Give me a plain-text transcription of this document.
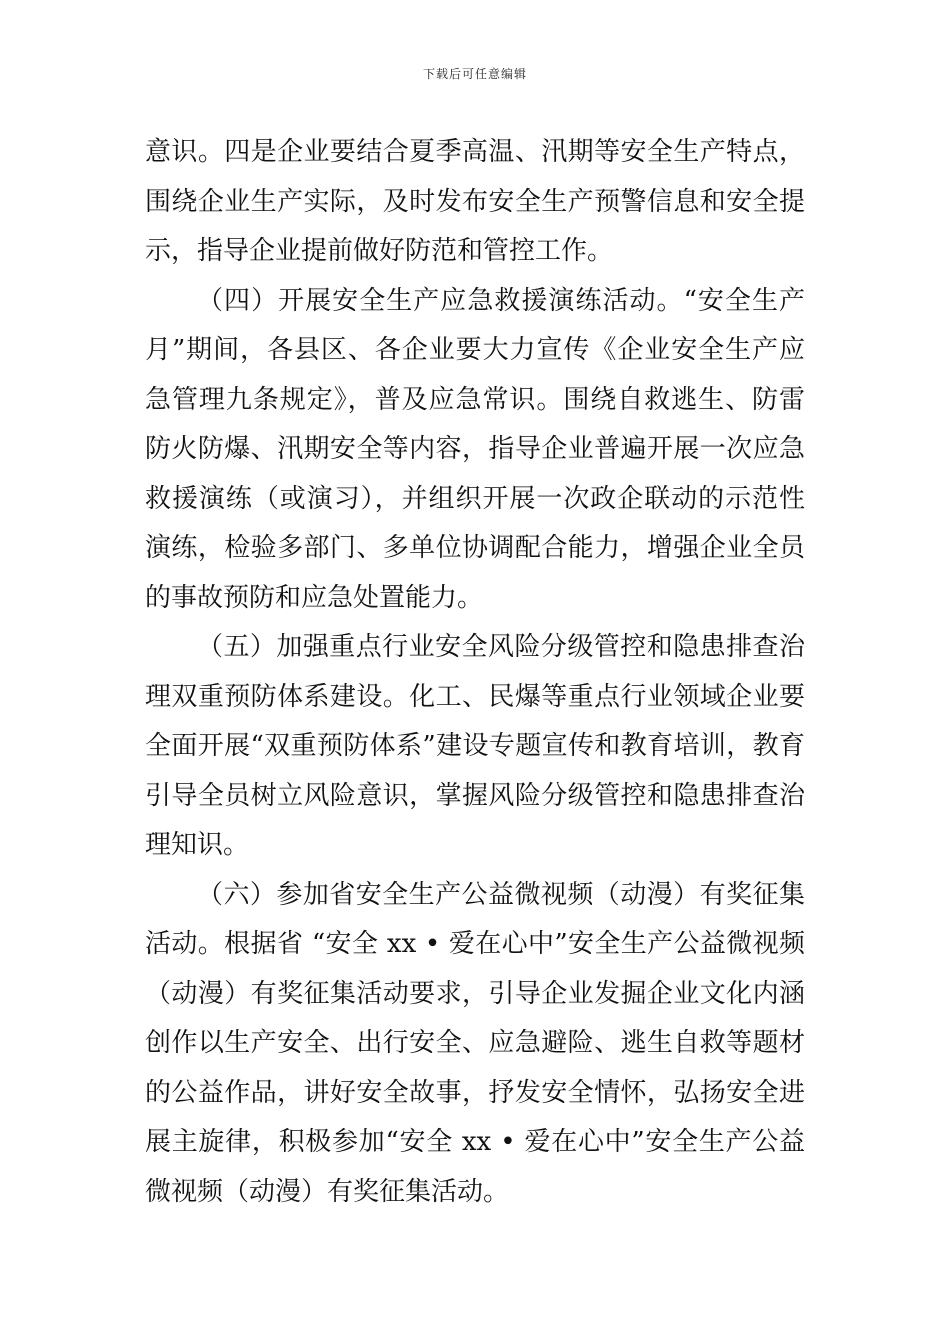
下载后可任意编辑

意识。四是企业要结合夏季高温、汛期等安全生产特点，围绕企业生产实际，及时发布安全生产预警信息和安全提示，指导企业提前做好防范和管控工作。

（四）开展安全生产应急救援演练活动。“安全生产月”期间，各县区、各企业要大力宣传《企业安全生产应急管理九条规定》，普及应急常识。围绕自救逃生、防雷防火防爆、汛期安全等内容，指导企业普遍开展一次应急救援演练（或演习），并组织开展一次政企联动的示范性演练，检验多部门、多单位协调配合能力，增强企业全员的事故预防和应急处置能力。

（五）加强重点行业安全风险分级管控和隐患排查治理双重预防体系建设。化工、民爆等重点行业领域企业要全面开展“双重预防体系”建设专题宣传和教育培训，教育引导全员树立风险意识，掌握风险分级管控和隐患排查治理知识。

（六）参加省安全生产公益微视频（动漫）有奖征集活动。根据省 “安全 xx • 爱在心中”安全生产公益微视频（动漫）有奖征集活动要求，引导企业发掘企业文化内涵创作以生产安全、出行安全、应急避险、逃生自救等题材的公益作品，讲好安全故事，抒发安全情怀，弘扬安全进展主旋律，积极参加“安全 xx • 爱在心中”安全生产公益微视频（动漫）有奖征集活动。
